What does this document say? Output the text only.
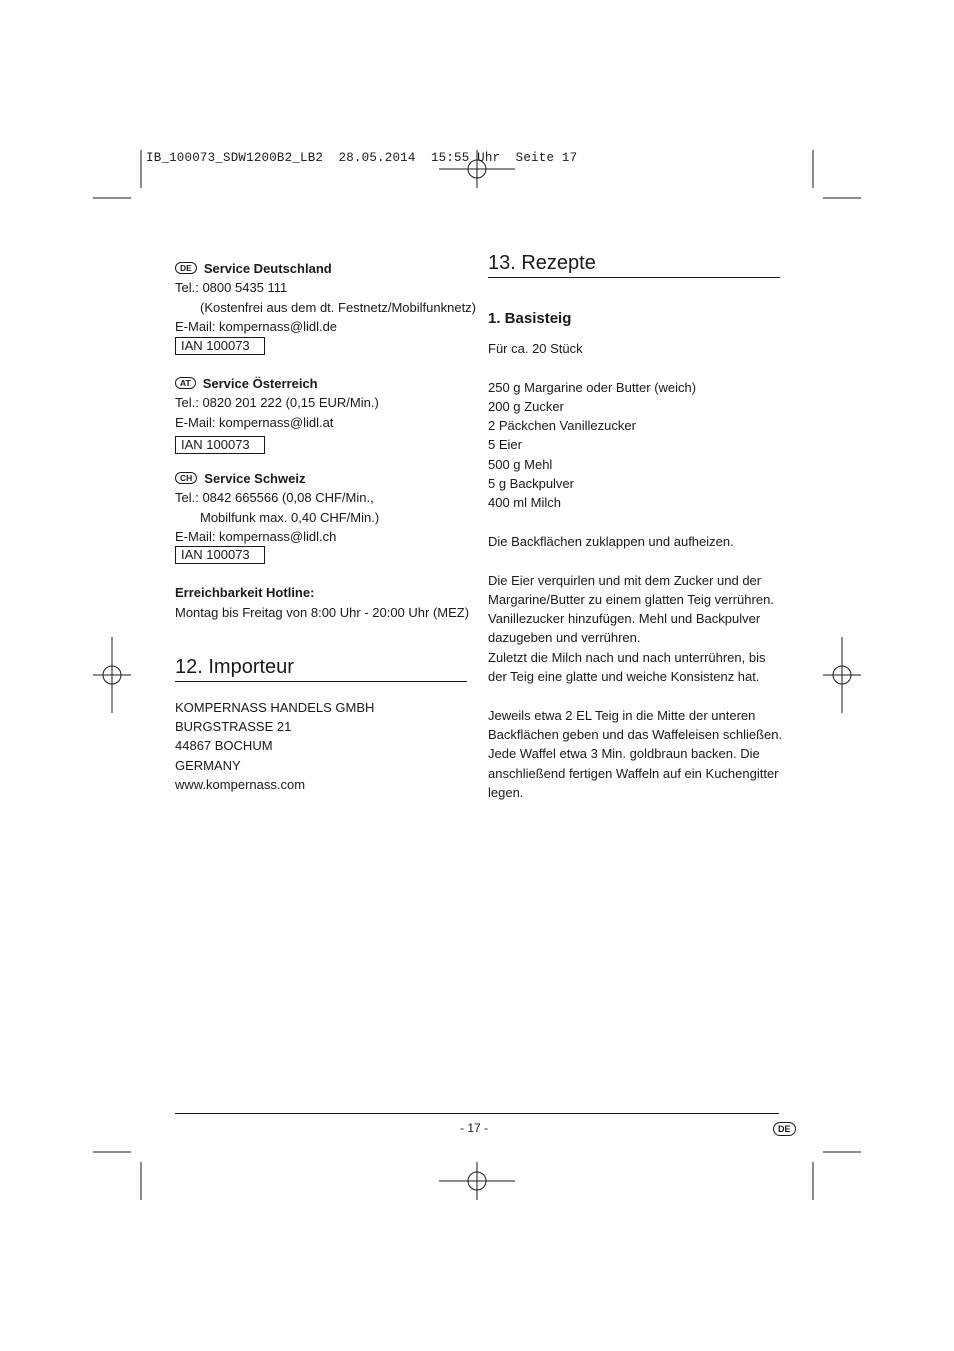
IB_100073_SDW1200B2_LB2  28.05.2014  15:55 Uhr  Seite 17

DE Service Deutschland

Tel.: 0800 5435 111

(Kostenfrei aus dem dt. Festnetz/Mobilfunknetz)

E-Mail: kompernass@lidl.de

IAN 100073

AT Service Österreich

Tel.: 0820 201 222 (0,15 EUR/Min.)

E-Mail: kompernass@lidl.at

IAN 100073

CH Service Schweiz

Tel.: 0842 665566 (0,08 CHF/Min.,

Mobilfunk max. 0,40 CHF/Min.)

E-Mail: kompernass@lidl.ch

IAN 100073

Erreichbarkeit Hotline:

Montag bis Freitag von 8:00 Uhr - 20:00 Uhr (MEZ)

12. Importeur

KOMPERNASS HANDELS GMBH

BURGSTRASSE 21

44867 BOCHUM

GERMANY

www.kompernass.com

13. Rezepte
1. Basisteig

Für ca. 20 Stück

250 g Margarine oder Butter (weich)

200 g Zucker

2 Päckchen Vanillezucker

5 Eier

500 g Mehl

5 g Backpulver

400 ml Milch

Die Backflächen zuklappen und aufheizen.

Die Eier verquirlen und mit dem Zucker und der

Margarine/Butter zu einem glatten Teig verrühren.

Vanillezucker hinzufügen. Mehl und Backpulver

dazugeben und verrühren.

Zuletzt die Milch nach und nach unterrühren, bis

der Teig eine glatte und weiche Konsistenz hat.

Jeweils etwa 2 EL Teig in die Mitte der unteren

Backflächen geben und das Waffeleisen schließen.

Jede Waffel etwa 3 Min. goldbraun backen. Die

anschließend fertigen Waffeln auf ein Kuchengitter

legen.

- 17 -	DE
